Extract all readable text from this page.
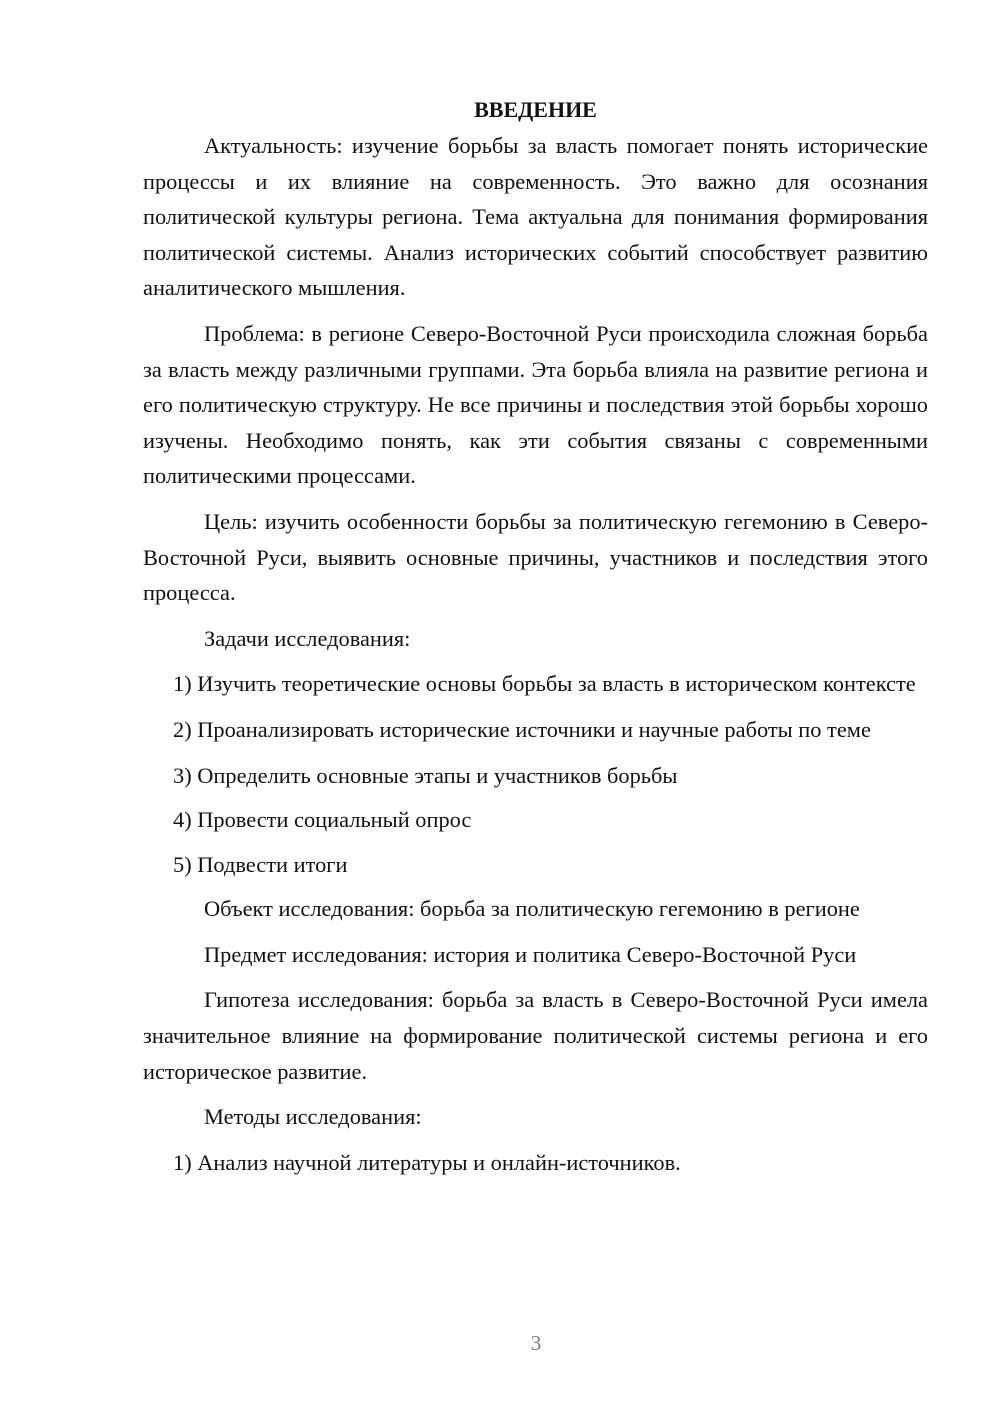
ВВЕДЕНИЕ

Актуальность: изучение борьбы за власть помогает понять исторические процессы и их влияние на современность. Это важно для осознания политической культуры региона. Тема актуальна для понимания формирования политической системы. Анализ исторических событий способствует развитию аналитического мышления.

Проблема: в регионе Северо-Восточной Руси происходила сложная борьба за власть между различными группами. Эта борьба влияла на развитие региона и его политическую структуру. Не все причины и последствия этой борьбы хорошо изучены. Необходимо понять, как эти события связаны с современными политическими процессами.

Цель: изучить особенности борьбы за политическую гегемонию в Северо-Восточной Руси, выявить основные причины, участников и последствия этого процесса.

Задачи исследования:

1) Изучить теоретические основы борьбы за власть в историческом контексте

2) Проанализировать исторические источники и научные работы по теме

3) Определить основные этапы и участников борьбы

4) Провести социальный опрос

5) Подвести итоги

Объект исследования: борьба за политическую гегемонию в регионе

Предмет исследования: история и политика Северо-Восточной Руси

Гипотеза исследования: борьба за власть в Северо-Восточной Руси имела значительное влияние на формирование политической системы региона и его историческое развитие.

Методы исследования:

1) Анализ научной литературы и онлайн-источников.

3
